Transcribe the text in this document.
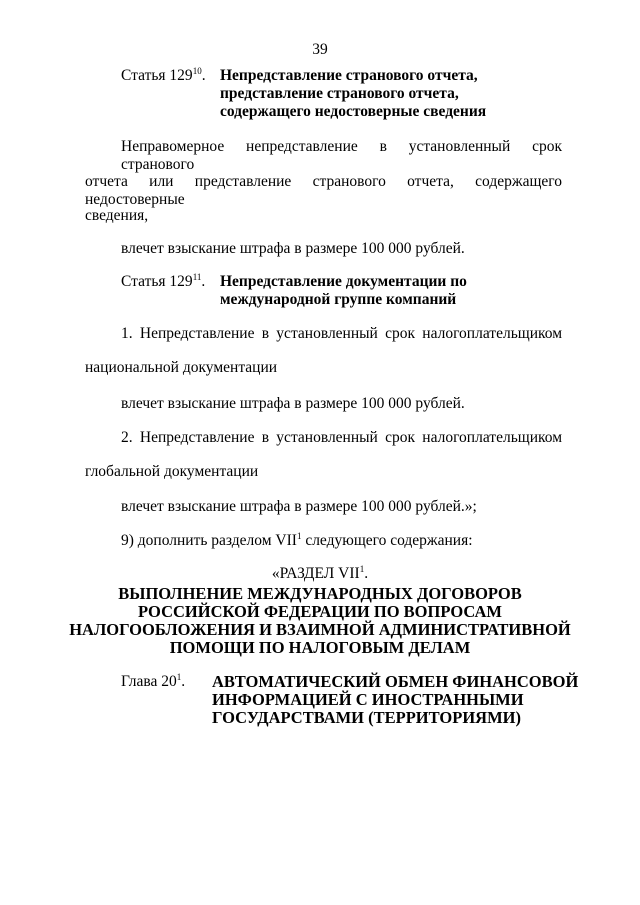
39
Статья $129^{10}$. Непредставление странового отчета,
представление странового отчета,
содержащего недостоверные сведения
Неправомерное непредставление в установленный срок странового
отчета или представление странового отчета, содержащего недостоверные
сведения,
влечет взыскание штрафа в размере 100 000 рублей.
Статья $129^{11}$. Непредставление документации по
международной группе компаний
1. Непредставление в установленный срок налогоплательщиком
национальной документации
влечет взыскание штрафа в размере 100 000 рублей.
2. Непредставление в установленный срок налогоплательщиком
глобальной документации
влечет взыскание штрафа в размере 100 000 рублей.»;
9) дополнить разделом VII$^1$ следующего содержания:
«РАЗДЕЛ VII$^1$.
ВЫПОЛНЕНИЕ МЕЖДУНАРОДНЫХ ДОГОВОРОВ
РОССИЙСКОЙ ФЕДЕРАЦИИ ПО ВОПРОСАМ
НАЛОГООБЛОЖЕНИЯ И ВЗАИМНОЙ АДМИНИСТРАТИВНОЙ
ПОМОЩИ ПО НАЛОГОВЫМ ДЕЛАМ
Глава $20^1$. АВТОМАТИЧЕСКИЙ ОБМЕН ФИНАНСОВОЙ
ИНФОРМАЦИЕЙ С ИНОСТРАННЫМИ
ГОСУДАРСТВАМИ (ТЕРРИТОРИЯМИ)
